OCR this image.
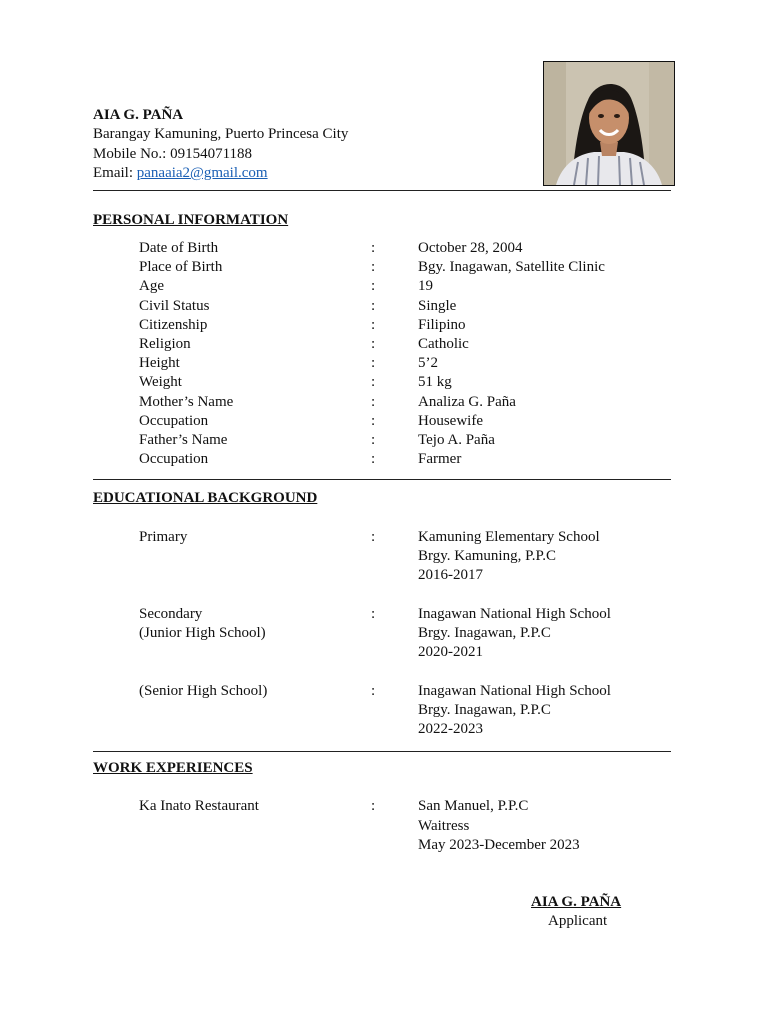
AIA G. PAÑA
Barangay Kamuning, Puerto Princesa City
Mobile No.: 09154071188
Email: panaaia2@gmail.com
PERSONAL INFORMATION
Date of Birth	:	October 28, 2004
Place of Birth	:	Bgy. Inagawan, Satellite Clinic
Age	:	19
Civil Status	:	Single
Citizenship	:	Filipino
Religion	:	Catholic
Height	:	5’2
Weight	:	51 kg
Mother’s Name	:	Analiza G. Paña
Occupation	:	Housewife
Father’s Name	:	Tejo A. Paña
Occupation	:	Farmer
EDUCATIONAL BACKGROUND
Primary	:	Kamuning Elementary School
Brgy. Kamuning, P.P.C
2016-2017
Secondary
(Junior High School)
:	Inagawan National High School
Brgy. Inagawan, P.P.C
2020-2021
(Senior High School)	:	Inagawan National High School
Brgy. Inagawan, P.P.C
2022-2023
WORK EXPERIENCES
Ka Inato Restaurant	:	San Manuel, P.P.C
Waitress
May 2023-December 2023
AIA G. PAÑA
Applicant
